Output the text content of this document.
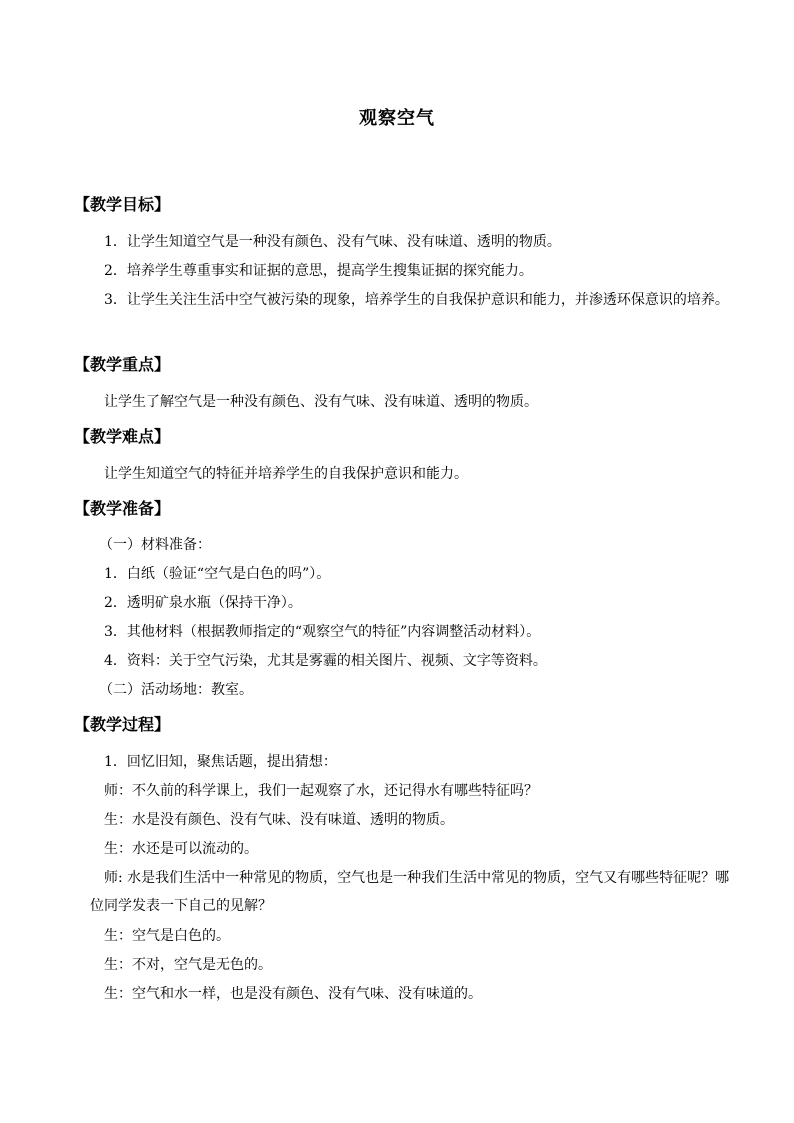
观察空气
【教学目标】
1．让学生知道空气是一种没有颜色、没有气味、没有味道、透明的物质。
2．培养学生尊重事实和证据的意思，提高学生搜集证据的探究能力。
3．让学生关注生活中空气被污染的现象，培养学生的自我保护意识和能力，并渗透环保意识的培养。
【教学重点】
让学生了解空气是一种没有颜色、没有气味、没有味道、透明的物质。
【教学难点】
让学生知道空气的特征并培养学生的自我保护意识和能力。
【教学准备】
（一）材料准备：
1．白纸（验证“空气是白色的吗”）。
2．透明矿泉水瓶（保持干净）。
3．其他材料（根据教师指定的“观察空气的特征”内容调整活动材料）。
4．资料：关于空气污染，尤其是雾霾的相关图片、视频、文字等资料。
（二）活动场地：教室。
【教学过程】
1．回忆旧知，聚焦话题，提出猜想：
师：不久前的科学课上，我们一起观察了水，还记得水有哪些特征吗？
生：水是没有颜色、没有气味、没有味道、透明的物质。
生：水还是可以流动的。
师: 水是我们生活中一种常见的物质，空气也是一种我们生活中常见的物质，空气又有哪些特征呢？哪位同学发表一下自己的见解？
生：空气是白色的。
生：不对，空气是无色的。
生：空气和水一样，也是没有颜色、没有气味、没有味道的。
